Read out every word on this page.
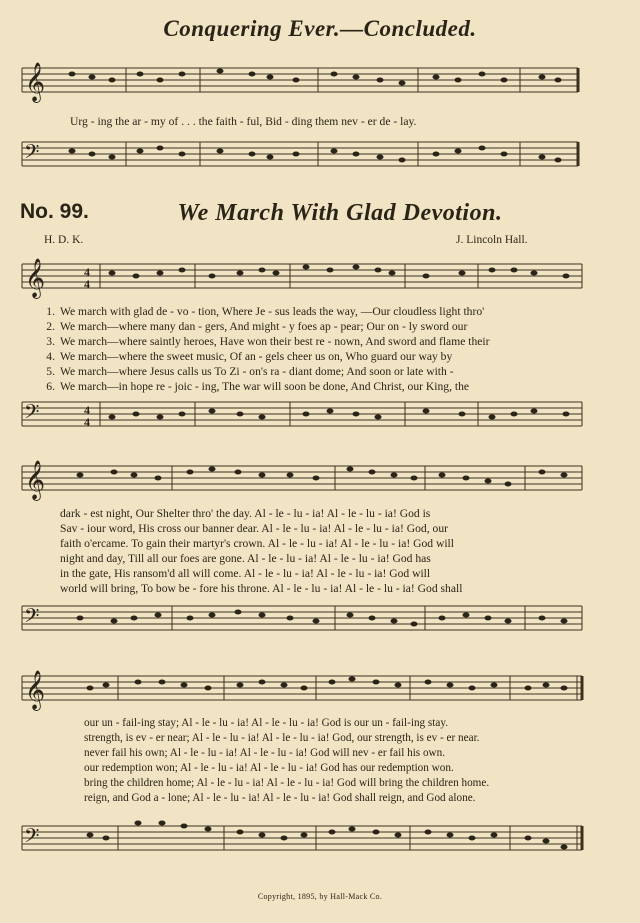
Conquering Ever.—Concluded.
𝄞
Urg - ing the ar - my of . . . the faith - ful, Bid - ding them nev - er de - lay.
𝄢
No. 99.	We March With Glad Devotion.
H. D. K.	J. Lincoln Hall.
𝄞	4
4
1. We march with glad de - vo - tion, Where Je - sus leads the way, —Our cloudless light thro'
2. We march—where many dan - gers, And might - y foes ap - pear; Our on - ly sword our
3. We march—where saintly heroes, Have won their best re - nown, And sword and flame their
4. We march—where the sweet music, Of an - gels cheer us on, Who guard our way by
5. We march—where Jesus calls us To Zi - on's ra - diant dome; And soon or late with -
6. We march—in hope re - joic - ing, The war will soon be done, And Christ, our King, the
𝄢	4
4
𝄞
dark - est night, Our Shelter thro' the day. Al - le - lu - ia! Al - le - lu - ia! God is
Sav - iour word, His cross our banner dear. Al - le - lu - ia! Al - le - lu - ia! God, our
faith o'ercame. To gain their martyr's crown. Al - le - lu - ia! Al - le - lu - ia! God will
night and day, Till all our foes are gone. Al - le - lu - ia! Al - le - lu - ia! God has
in the gate, His ransom'd all will come. Al - le - lu - ia! Al - le - lu - ia! God will
world will bring, To bow be - fore his throne. Al - le - lu - ia! Al - le - lu - ia! God shall
𝄢
𝄞
our un - fail-ing stay; Al - le - lu - ia! Al - le - lu - ia! God is our un - fail-ing stay.
strength, is ev - er near; Al - le - lu - ia! Al - le - lu - ia! God, our strength, is ev - er near.
never fail his own; Al - le - lu - ia! Al - le - lu - ia! God will nev - er fail his own.
our redemption won; Al - le - lu - ia! Al - le - lu - ia! God has our redemption won.
bring the children home; Al - le - lu - ia! Al - le - lu - ia! God will bring the children home.
reign, and God a - lone; Al - le - lu - ia! Al - le - lu - ia! God shall reign, and God alone.
𝄢
Copyright, 1895, by Hall-Mack Co.
